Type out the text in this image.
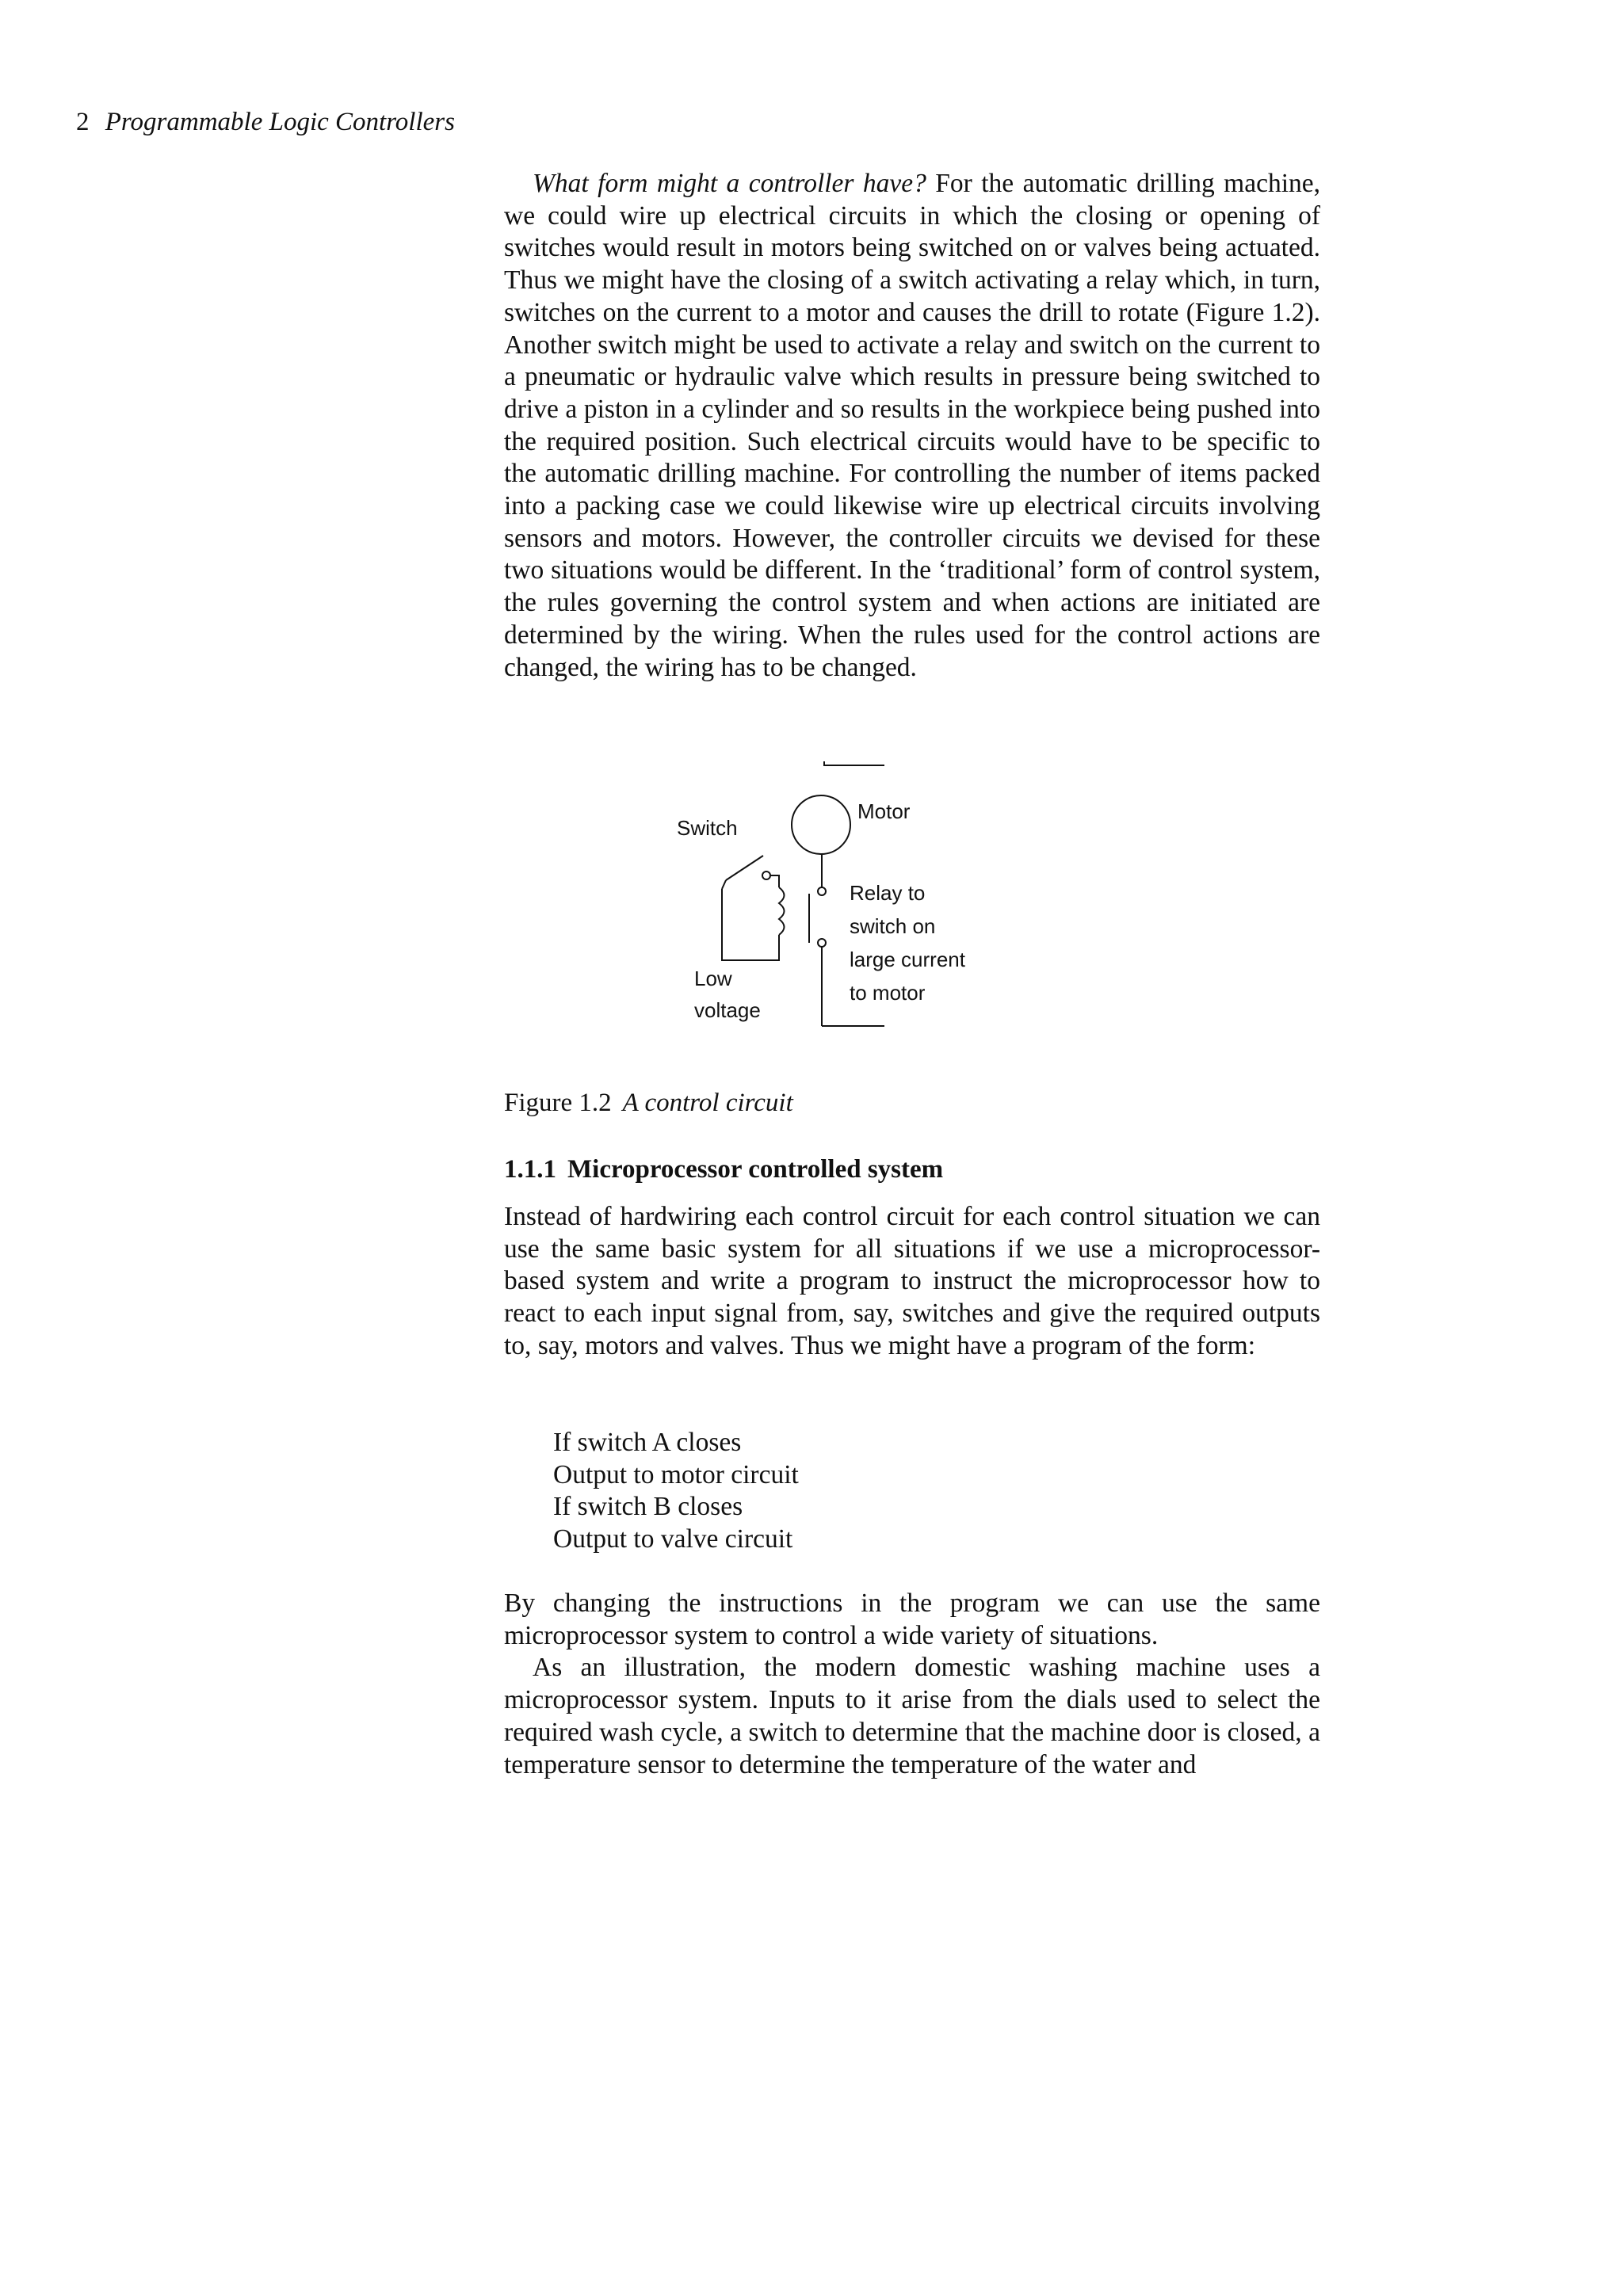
2 Programmable Logic Controllers

What form might a controller have? For the automatic drilling machine, we could wire up electrical circuits in which the closing or opening of switches would result in motors being switched on or valves being actuated. Thus we might have the closing of a switch activating a relay which, in turn, switches on the current to a motor and causes the drill to rotate (Figure 1.2). Another switch might be used to activate a relay and switch on the current to a pneumatic or hydraulic valve which results in pressure being switched to drive a piston in a cylinder and so results in the workpiece being pushed into the required position. Such electrical circuits would have to be specific to the automatic drilling machine. For controlling the number of items packed into a packing case we could likewise wire up electrical circuits involving sensors and motors. However, the controller circuits we devised for these two situations would be different. In the ‘traditional’ form of control system, the rules governing the control system and when actions are initiated are determined by the wiring. When the rules used for the control actions are changed, the wiring has to be changed.

Motor
Switch
Relay to
switch on
large current
to motor
Low
voltage
Figure 1.2 A control circuit
1.1.1 Microprocessor controlled system

Instead of hardwiring each control circuit for each control situation we can use the same basic system for all situations if we use a microprocessor-based system and write a program to instruct the microprocessor how to react to each input signal from, say, switches and give the required outputs to, say, motors and valves. Thus we might have a program of the form:

If switch A closes
Output to motor circuit
If switch B closes
Output to valve circuit

By changing the instructions in the program we can use the same microprocessor system to control a wide variety of situations.

As an illustration, the modern domestic washing machine uses a microprocessor system. Inputs to it arise from the dials used to select the required wash cycle, a switch to determine that the machine door is closed, a temperature sensor to determine the temperature of the water and
